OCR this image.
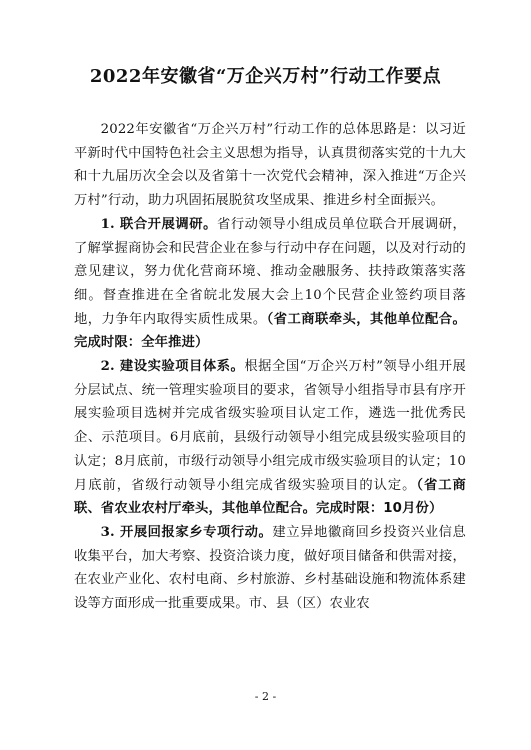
2022年安徽省“万企兴万村”行动工作要点

2022年安徽省“万企兴万村”行动工作的总体思路是：以习近平新时代中国特色社会主义思想为指导，认真贯彻落实党的十九大和十九届历次全会以及省第十一次党代会精神，深入推进“万企兴万村”行动，助力巩固拓展脱贫攻坚成果、推进乡村全面振兴。

1. 联合开展调研。省行动领导小组成员单位联合开展调研，了解掌握商协会和民营企业在参与行动中存在问题，以及对行动的意见建议，努力优化营商环境、推动金融服务、扶持政策落实落细。督查推进在全省皖北发展大会上10个民营企业签约项目落地，力争年内取得实质性成果。（省工商联牵头，其他单位配合。完成时限：全年推进）

2. 建设实验项目体系。根据全国“万企兴万村”领导小组开展分层试点、统一管理实验项目的要求，省领导小组指导市县有序开展实验项目选树并完成省级实验项目认定工作，遴选一批优秀民企、示范项目。6月底前，县级行动领导小组完成县级实验项目的认定；8月底前，市级行动领导小组完成市级实验项目的认定；10月底前，省级行动领导小组完成省级实验项目的认定。（省工商联、省农业农村厅牵头，其他单位配合。完成时限：10月份）

3. 开展回报家乡专项行动。建立异地徽商回乡投资兴业信息收集平台，加大考察、投资洽谈力度，做好项目储备和供需对接，在农业产业化、农村电商、乡村旅游、乡村基础设施和物流体系建设等方面形成一批重要成果。市、县（区）农业农

- 2 -
